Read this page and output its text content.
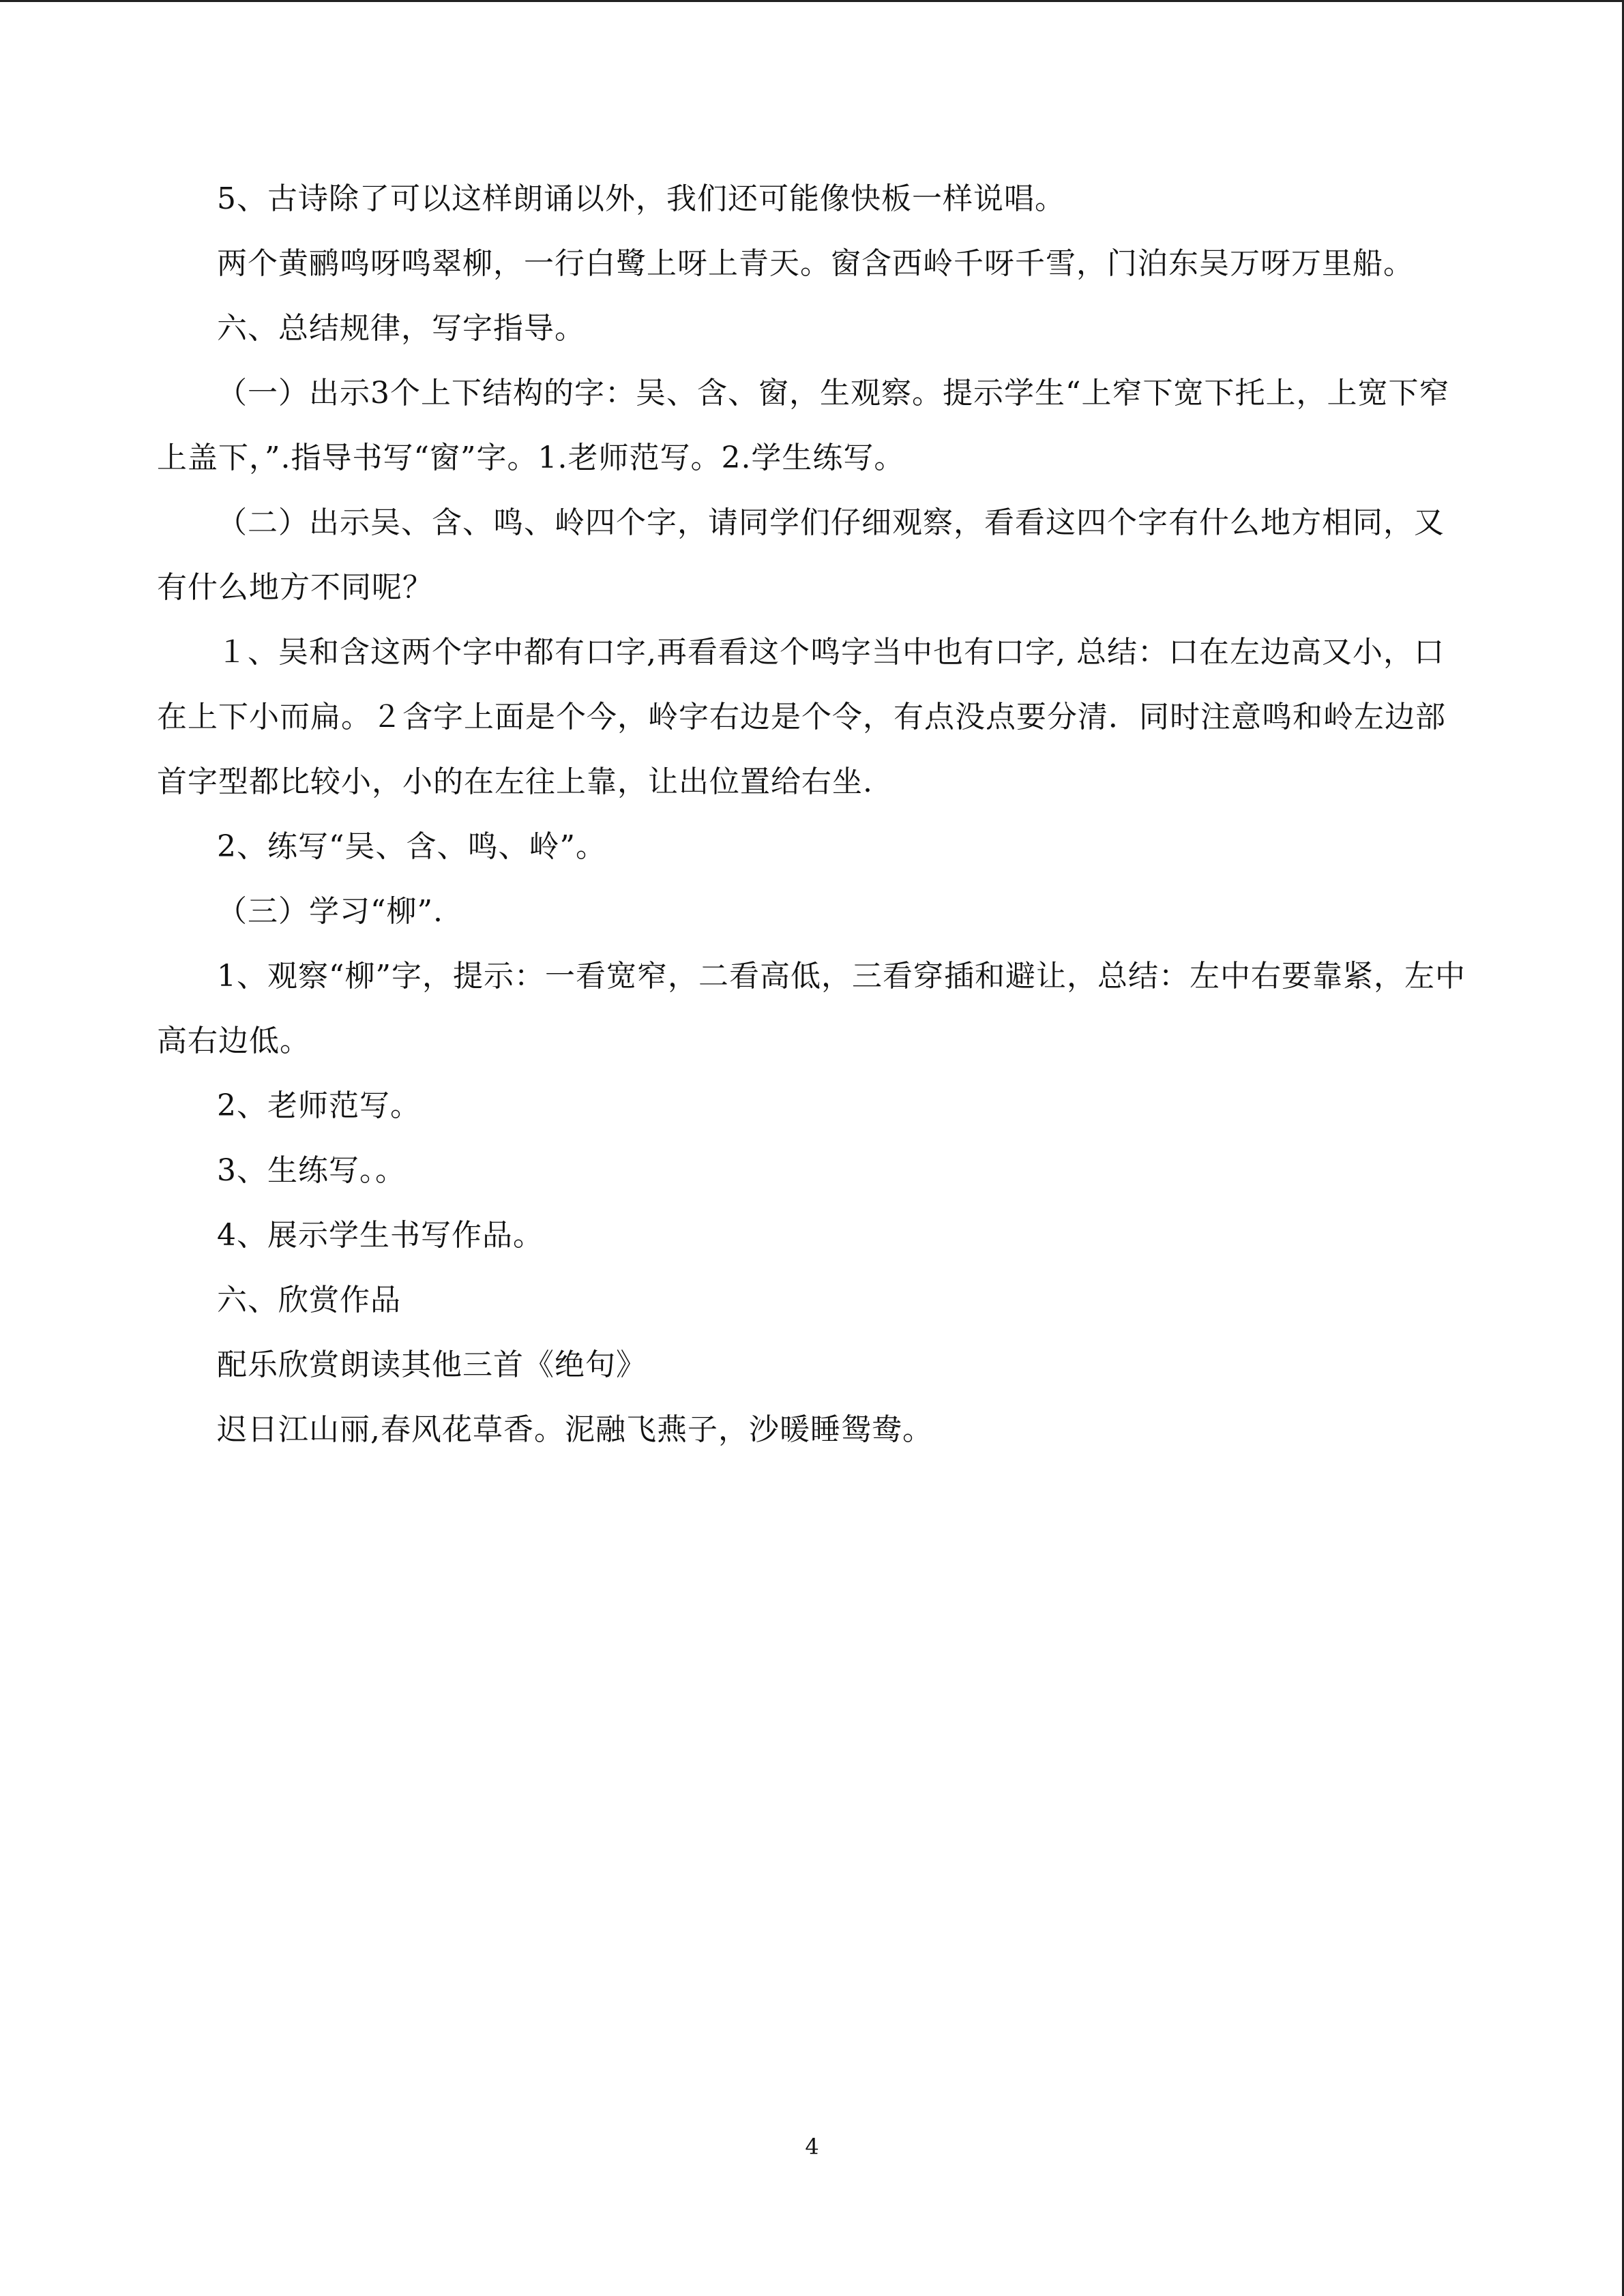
5、古诗除了可以这样朗诵以外，我们还可能像快板一样说唱。

两个黄鹂鸣呀鸣翠柳，一行白鹭上呀上青天。窗含西岭千呀千雪，门泊东吴万呀万里船。

六、总结规律，写字指导。

（一）出示3个上下结构的字：吴、含、窗，生观察。提示学生“上窄下宽下托上，上宽下窄上盖下，”.指导书写“窗”字。1.老师范写。2.学生练写。

（二）出示吴、含、鸣、岭四个字，请同学们仔细观察，看看这四个字有什么地方相同，又有什么地方不同呢？

１、吴和含这两个字中都有口字,再看看这个鸣字当中也有口字, 总结：口在左边高又小，口在上下小而扁。２含字上面是个今，岭字右边是个令，有点没点要分清．同时注意鸣和岭左边部首字型都比较小，小的在左往上靠，让出位置给右坐.

2、练写“吴、含、鸣、岭”。

（三）学习“柳”.

1、观察“柳”字，提示：一看宽窄，二看高低，三看穿插和避让，总结：左中右要靠紧，左中高右边低。

2、老师范写。

3、生练写。。

4、展示学生书写作品。

六、欣赏作品

配乐欣赏朗读其他三首《绝句》

迟日江山丽,春风花草香。泥融飞燕子，沙暖睡鸳鸯。

4
